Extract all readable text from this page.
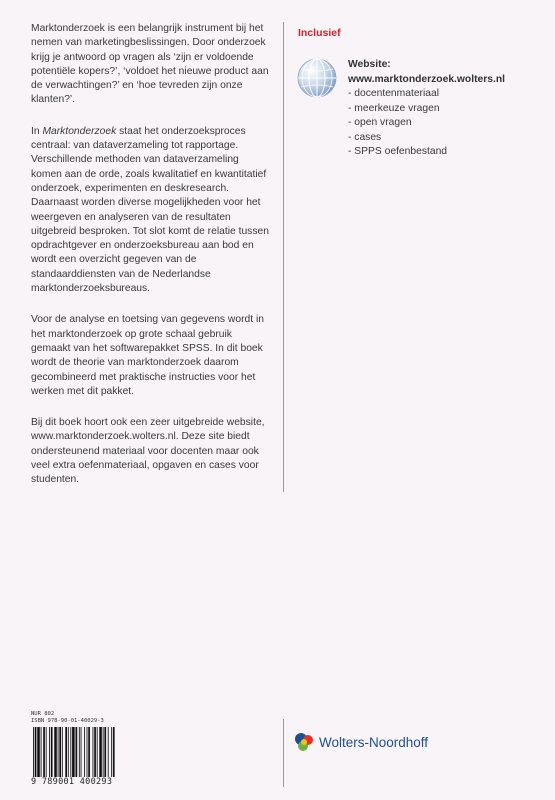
Marktonderzoek is een belangrijk instrument bij het nemen van marketingbeslissingen. Door onderzoek krijg je antwoord op vragen als ‘zijn er voldoende potentiële kopers?’, ‘voldoet het nieuwe product aan de verwachtingen?’ en ‘hoe tevreden zijn onze klanten?’.

In Marktonderzoek staat het onderzoeksproces centraal: van dataverzameling tot rapportage. Verschillende methoden van dataverzameling komen aan de orde, zoals kwalitatief en kwantitatief onderzoek, experimenten en deskresearch. Daarnaast worden diverse mogelijkheden voor het weergeven en analyseren van de resultaten uitgebreid besproken. Tot slot komt de relatie tussen opdrachtgever en onderzoeksbureau aan bod en wordt een overzicht gegeven van de standaarddiensten van de Nederlandse marktonderzoeksbureaus.

Voor de analyse en toetsing van gegevens wordt in het marktonderzoek op grote schaal gebruik gemaakt van het softwarepakket SPSS. In dit boek wordt de theorie van marktonderzoek daarom gecombineerd met praktische instructies voor het werken met dit pakket.

Bij dit boek hoort ook een zeer uitgebreide website, www.marktonderzoek.wolters.nl. Deze site biedt ondersteunend materiaal voor docenten maar ook veel extra oefenmateriaal, opgaven en cases voor studenten.

Inclusief
Website:
www.marktonderzoek.wolters.nl
- docentenmateriaal
- meerkeuze vragen
- open vragen
- cases
- SPPS oefenbestand
NUR 802
ISBN 978-90-01-40029-3
9 789001 400293
Wolters-Noordhoff
